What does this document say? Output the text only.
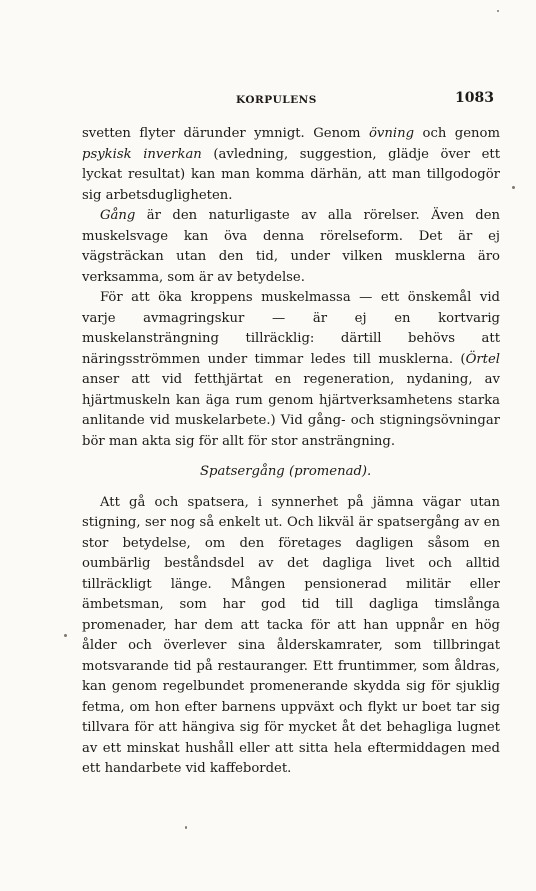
KORPULENS	1083

svetten flyter därunder ymnigt. Genom övning och genom psykisk inverkan (avledning, suggestion, glädje över ett lyckat resultat) kan man komma därhän, att man tillgodogör sig arbetsdugligheten.

Gång är den naturligaste av alla rörelser. Även den muskelsvage kan öva denna rörelseform. Det är ej vägsträckan utan den tid, under vilken musklerna äro verksamma, som är av betydelse.

För att öka kroppens muskelmassa — ett önskemål vid varje avmagringskur — är ej en kortvarig muskelansträngning tillräcklig: därtill behövs att näringsströmmen under timmar ledes till musklerna. (Örtel anser att vid fetthjärtat en regeneration, nydaning, av hjärtmuskeln kan äga rum genom hjärtverksamhetens starka anlitande vid muskelarbete.) Vid gång- och stigningsövningar bör man akta sig för allt för stor ansträngning.

Spatsergång (promenad).

Att gå och spatsera, i synnerhet på jämna vägar utan stigning, ser nog så enkelt ut. Och likväl är spatsergång av en stor betydelse, om den företages dagligen såsom en oumbärlig beståndsdel av det dagliga livet och alltid tillräckligt länge. Mången pensionerad militär eller ämbetsman, som har god tid till dagliga timslånga promenader, har dem att tacka för att han uppnår en hög ålder och överlever sina ålderskamrater, som tillbringat motsvarande tid på restauranger. Ett fruntimmer, som åldras, kan genom regelbundet promenerande skydda sig för sjuklig fetma, om hon efter barnens uppväxt och flykt ur boet tar sig tillvara för att hängiva sig för mycket åt det behagliga lugnet av ett minskat hushåll eller att sitta hela eftermiddagen med ett handarbete vid kaffebordet.
